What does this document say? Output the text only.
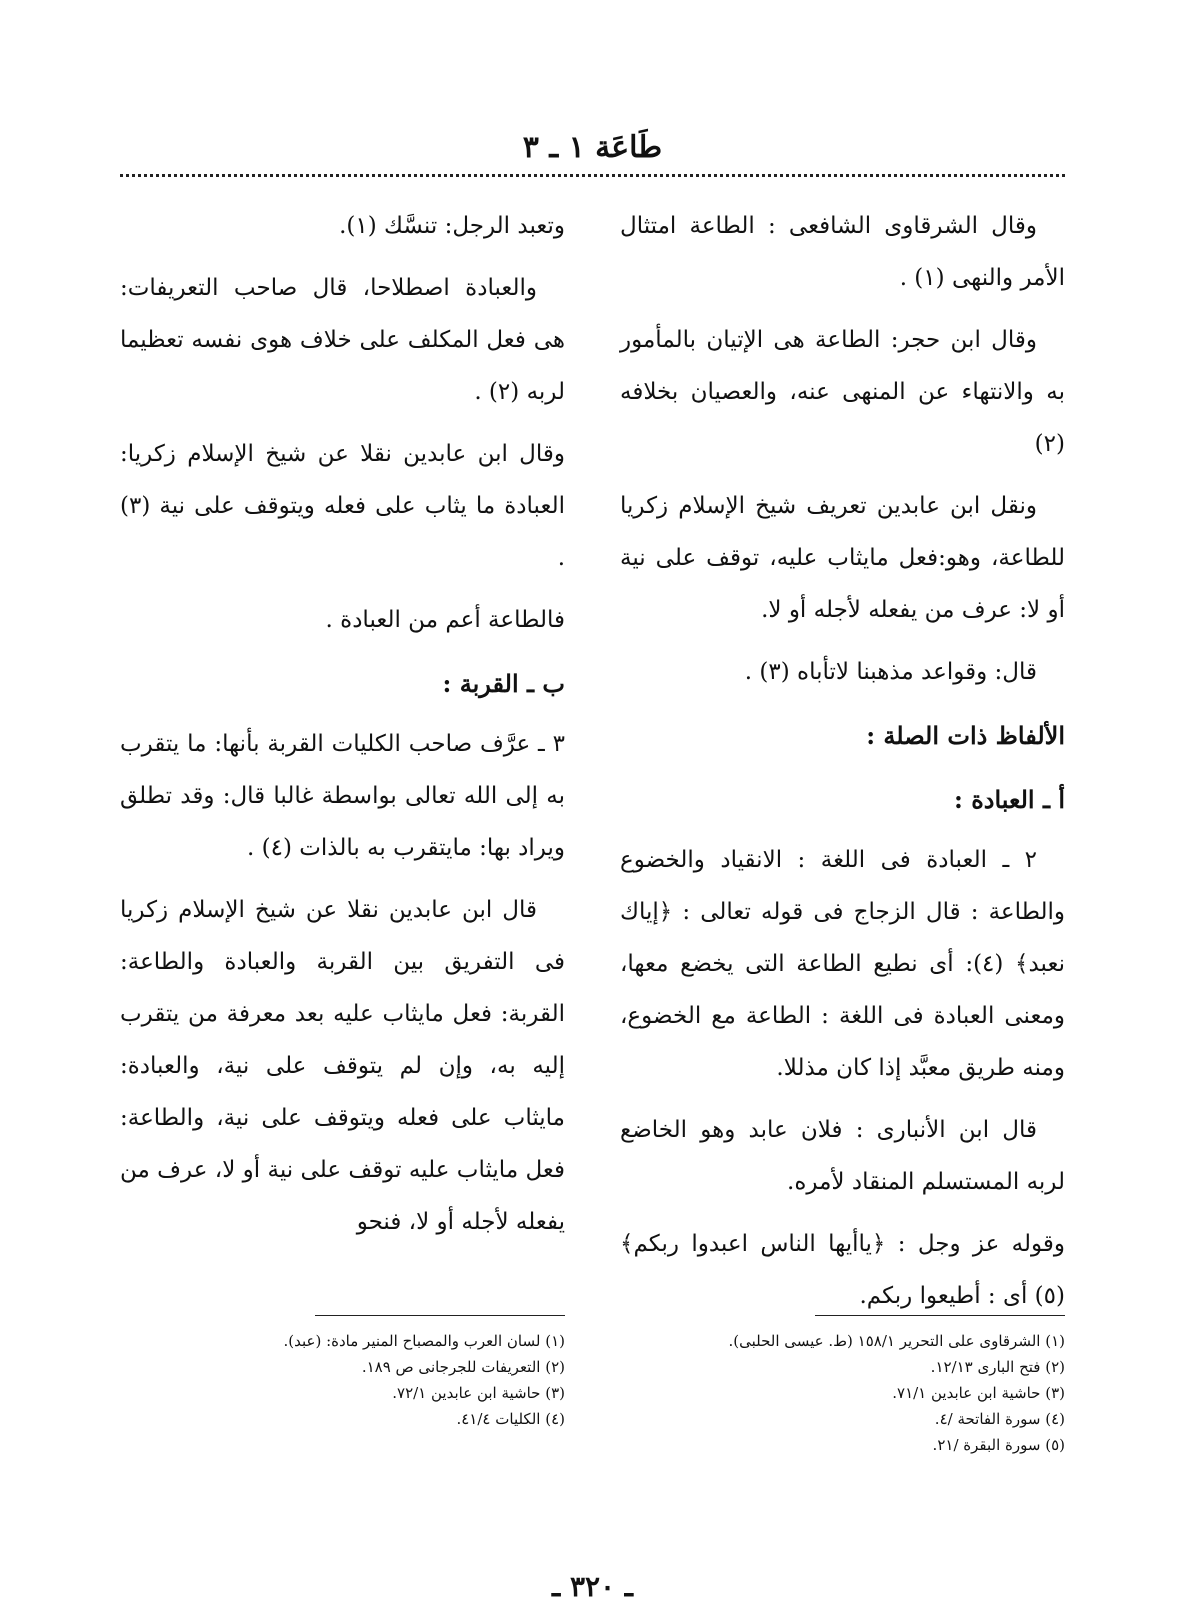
طَاعَة ١ ـ ٣

وقال الشرقاوى الشافعى : الطاعة امتثال الأمر والنهى (١) .

وقال ابن حجر: الطاعة هى الإتيان بالمأمور به والانتهاء عن المنهى عنه، والعصيان بخلافه (٢)

ونقل ابن عابدين تعريف شيخ الإسلام زكريا للطاعة، وهو:فعل مايثاب عليه، توقف على نية أو لا: عرف من يفعله لأجله أو لا.

قال: وقواعد مذهبنا لاتأباه (٣) .

الألفاظ ذات الصلة :
أ ـ العبادة :

٢ ـ العبادة فى اللغة : الانقياد والخضوع والطاعة : قال الزجاج فى قوله تعالى : ﴿إياك نعبد﴾ (٤): أى نطيع الطاعة التى يخضع معها، ومعنى العبادة فى اللغة : الطاعة مع الخضوع، ومنه طريق معبَّد إذا كان مذللا.

قال ابن الأنبارى : فلان عابد وهو الخاضع لربه المستسلم المنقاد لأمره.

وقوله عز وجل : ﴿ياأيها الناس اعبدوا ربكم﴾ (٥) أى : أطيعوا ربكم.

وتعبد الرجل: تنسَّك (١).

والعبادة اصطلاحا، قال صاحب التعريفات: هى فعل المكلف على خلاف هوى نفسه تعظيما لربه (٢) .

وقال ابن عابدين نقلا عن شيخ الإسلام زكريا: العبادة ما يثاب على فعله ويتوقف على نية (٣) .

فالطاعة أعم من العبادة .

ب ـ القربة :

٣ ـ عرَّف صاحب الكليات القربة بأنها: ما يتقرب به إلى الله تعالى بواسطة غالبا قال: وقد تطلق ويراد بها: مايتقرب به بالذات (٤) .

قال ابن عابدين نقلا عن شيخ الإسلام زكريا فى التفريق بين القربة والعبادة والطاعة: القربة: فعل مايثاب عليه بعد معرفة من يتقرب إليه به، وإن لم يتوقف على نية، والعبادة: مايثاب على فعله ويتوقف على نية، والطاعة: فعل مايثاب عليه توقف على نية أو لا، عرف من يفعله لأجله أو لا، فنحو

(١) الشرقاوى على التحرير ١٥٨/١ (ط. عيسى الحلبى).

(٢) فتح البارى ١٢/١٣.

(٣) حاشية ابن عابدين ٧١/١.

(٤) سورة الفاتحة /٤.

(٥) سورة البقرة /٢١.

(١) لسان العرب والمصباح المنير مادة: (عبد).

(٢) التعريفات للجرجانى ص ١٨٩.

(٣) حاشية ابن عابدين ٧٢/١.

(٤) الكليات ٤١/٤.

ـ ٣٢٠ ـ
